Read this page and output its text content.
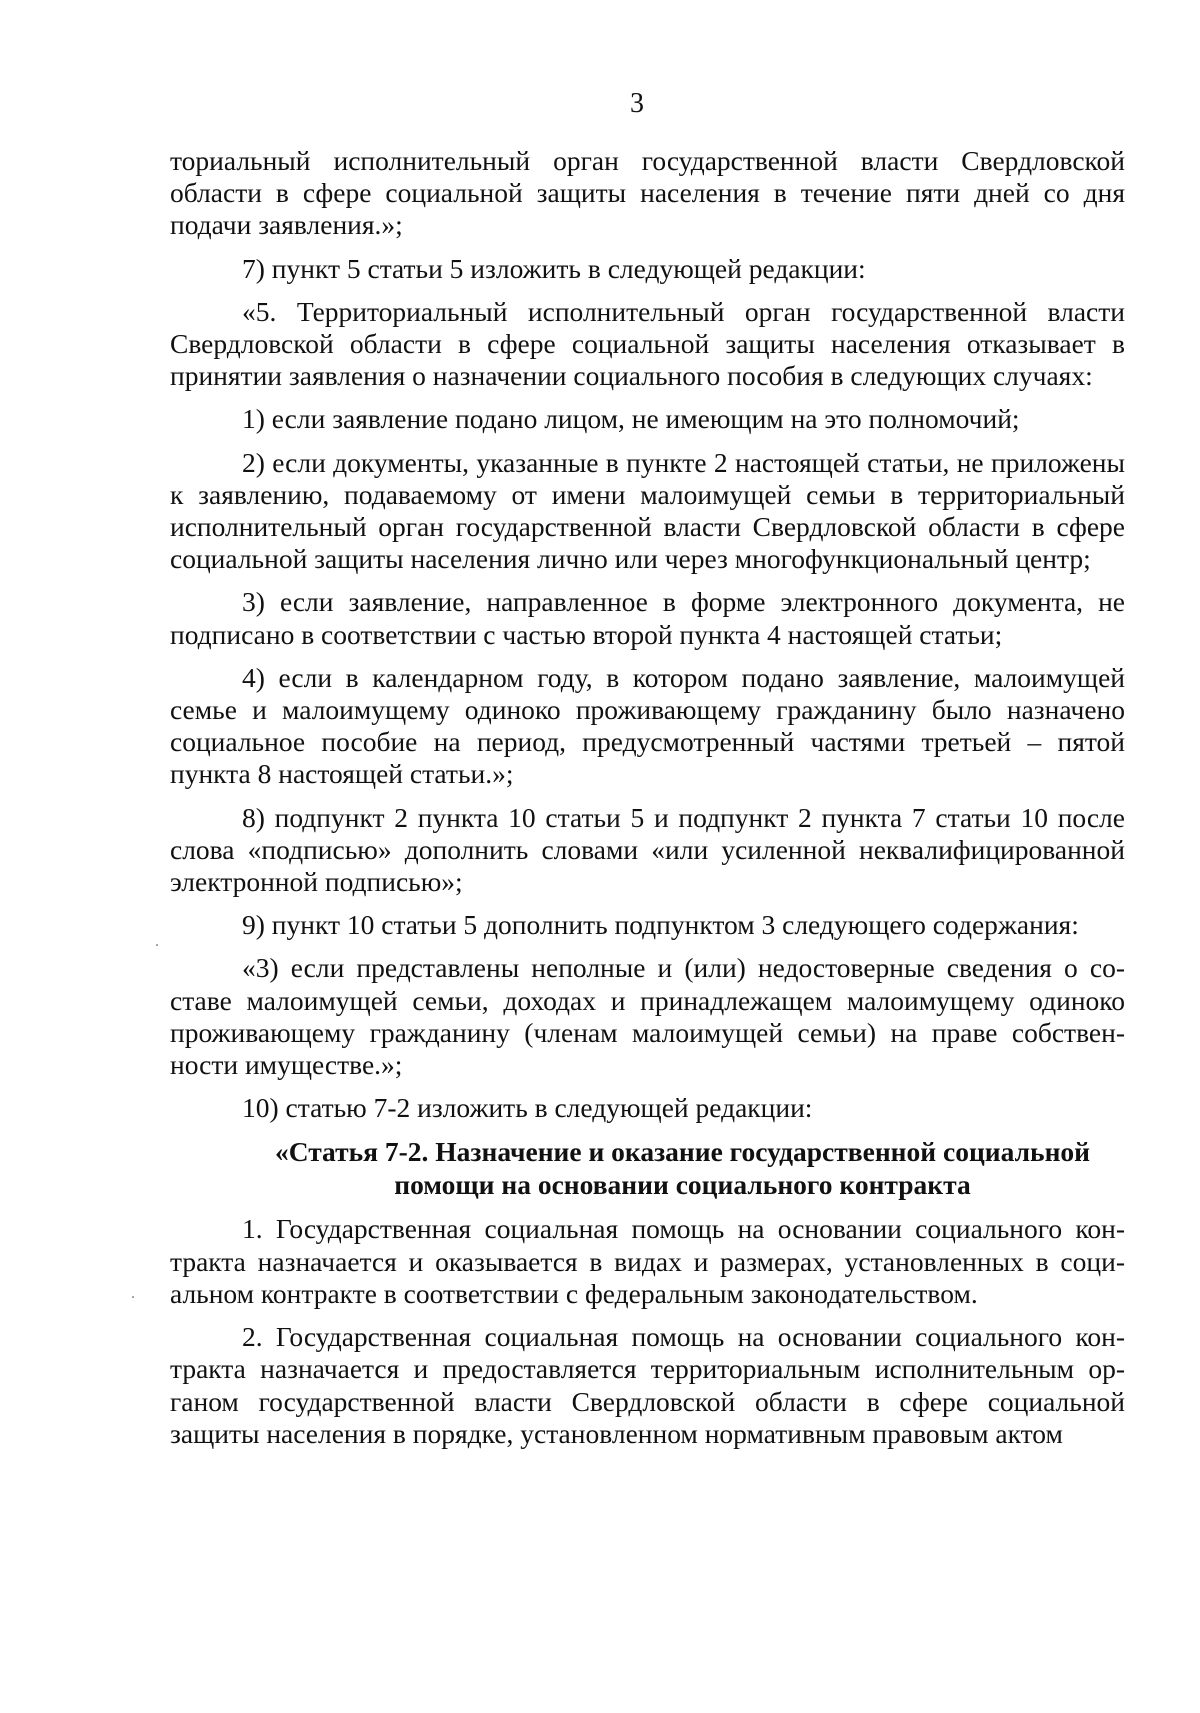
3

ториальный исполнительный орган государственной власти Свердловской области в сфере социальной защиты населения в течение пяти дней со дня подачи заявления.»;

7) пункт 5 статьи 5 изложить в следующей редакции:

«5. Территориальный исполнительный орган государственной власти Свердловской области в сфере социальной защиты населения отказывает в принятии заявления о назначении социального пособия в следующих случаях:

1) если заявление подано лицом, не имеющим на это полномочий;

2) если документы, указанные в пункте 2 настоящей статьи, не приложены к заявлению, подаваемому от имени малоимущей семьи в территориальный исполнительный орган государственной власти Свердловской области в сфере социальной защиты населения лично или через многофункциональный центр;

3) если заявление, направленное в форме электронного документа, не подписано в соответствии с частью второй пункта 4 настоящей статьи;

4) если в календарном году, в котором подано заявление, малоимущей семье и малоимущему одиноко проживающему гражданину было назначено социальное пособие на период, предусмотренный частями третьей – пятой пункта 8 настоящей статьи.»;

8) подпункт 2 пункта 10 статьи 5 и подпункт 2 пункта 7 статьи 10 после слова «подписью» дополнить словами «или усиленной неквалифицированной электронной подписью»;

9) пункт 10 статьи 5 дополнить подпунктом 3 следующего содержания:

«3) если представлены неполные и (или) недостоверные сведения о составе малоимущей семьи, доходах и принадлежащем малоимущему одиноко проживающему гражданину (членам малоимущей семьи) на праве собственности имуществе.»;

10) статью 7-2 изложить в следующей редакции:

«Статья 7-2. Назначение и оказание государственной социальной
помощи на основании социального контракта

1. Государственная социальная помощь на основании социального контракта назначается и оказывается в видах и размерах, установленных в социальном контракте в соответствии с федеральным законодательством.

2. Государственная социальная помощь на основании социального контракта назначается и предоставляется территориальным исполнительным органом государственной власти Свердловской области в сфере социальной защиты населения в порядке, установленном нормативным правовым актом
